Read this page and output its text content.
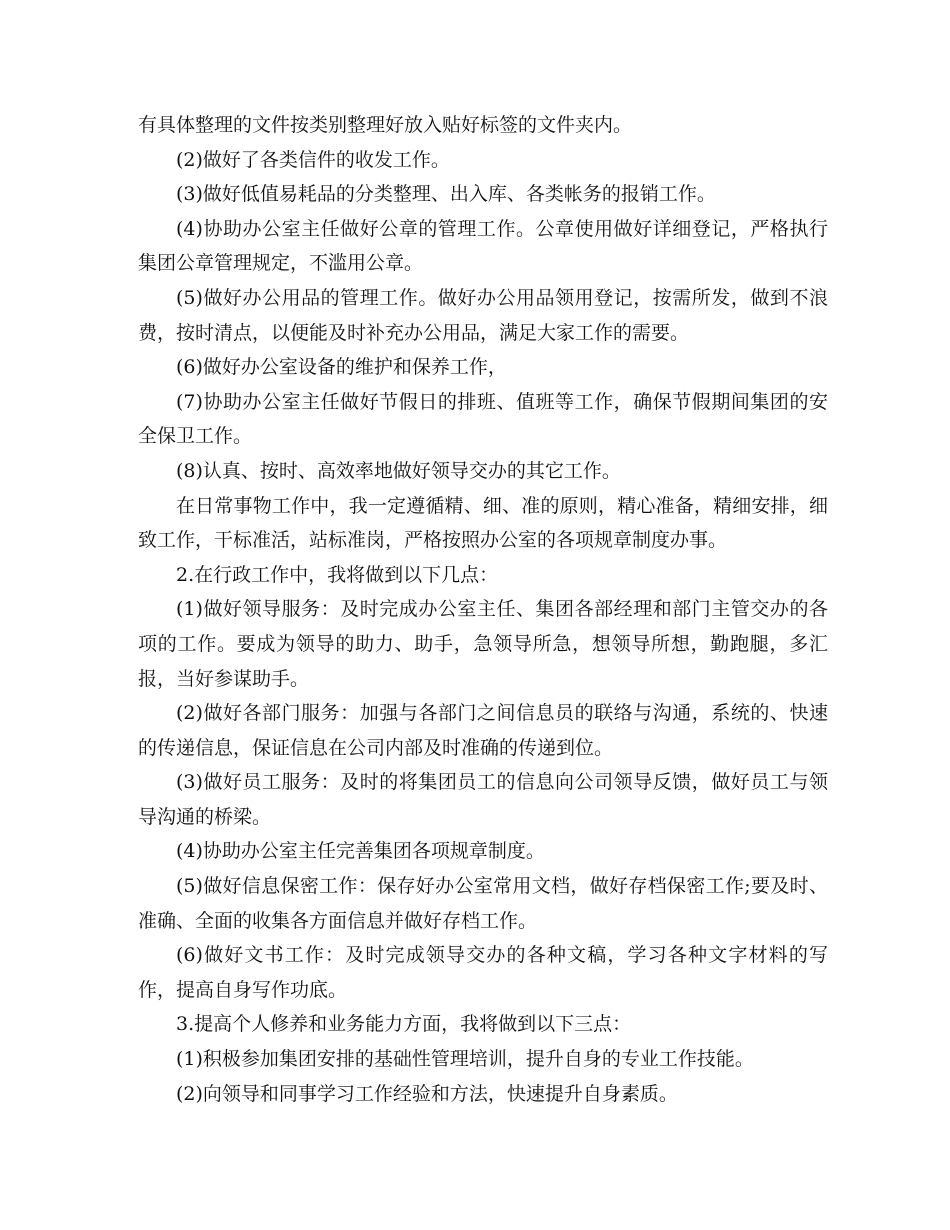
有具体整理的文件按类别整理好放入贴好标签的文件夹内。

(2)做好了各类信件的收发工作。

(3)做好低值易耗品的分类整理、出入库、各类帐务的报销工作。

(4)协助办公室主任做好公章的管理工作。公章使用做好详细登记，严格执行集团公章管理规定，不滥用公章。

(5)做好办公用品的管理工作。做好办公用品领用登记，按需所发，做到不浪费，按时清点，以便能及时补充办公用品，满足大家工作的需要。

(6)做好办公室设备的维护和保养工作，

(7)协助办公室主任做好节假日的排班、值班等工作，确保节假期间集团的安全保卫工作。

(8)认真、按时、高效率地做好领导交办的其它工作。

在日常事物工作中，我一定遵循精、细、准的原则，精心准备，精细安排，细致工作，干标准活，站标准岗，严格按照办公室的各项规章制度办事。

2.在行政工作中，我将做到以下几点：

(1)做好领导服务：及时完成办公室主任、集团各部经理和部门主管交办的各项的工作。要成为领导的助力、助手，急领导所急，想领导所想，勤跑腿，多汇报，当好参谋助手。

(2)做好各部门服务：加强与各部门之间信息员的联络与沟通，系统的、快速的传递信息，保证信息在公司内部及时准确的传递到位。

(3)做好员工服务：及时的将集团员工的信息向公司领导反馈，做好员工与领导沟通的桥梁。

(4)协助办公室主任完善集团各项规章制度。

(5)做好信息保密工作：保存好办公室常用文档，做好存档保密工作;要及时、准确、全面的收集各方面信息并做好存档工作。

(6)做好文书工作：及时完成领导交办的各种文稿，学习各种文字材料的写作，提高自身写作功底。

3.提高个人修养和业务能力方面，我将做到以下三点：

(1)积极参加集团安排的基础性管理培训，提升自身的专业工作技能。

(2)向领导和同事学习工作经验和方法，快速提升自身素质。
